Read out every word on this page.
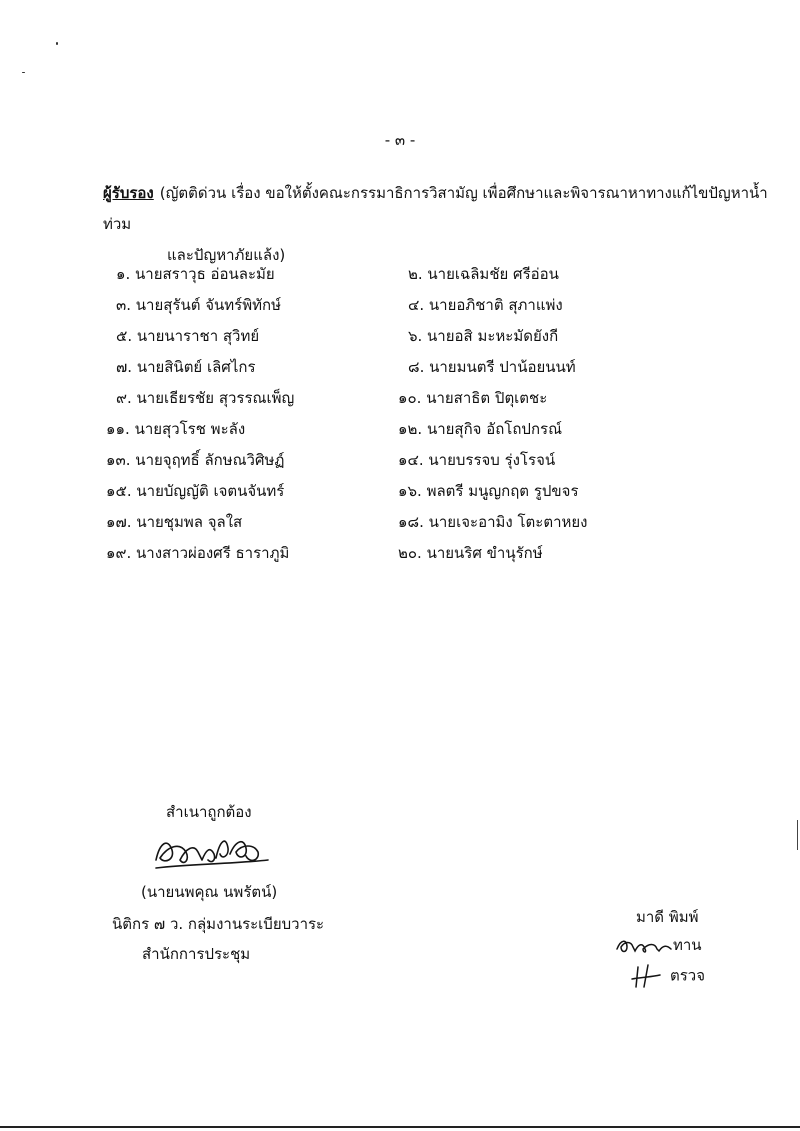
- ๓ -
ผู้รับรอง (ญัตติด่วน เรื่อง ขอให้ตั้งคณะกรรมาธิการวิสามัญ เพื่อศึกษาและพิจารณาหาทางแก้ไขปัญหาน้ำท่วม
และปัญหาภัยแล้ง)
๑. นายสราวุธ อ่อนละมัย	๒. นายเฉลิมชัย ศรีอ่อน
๓. นายสุรันต์ จันทร์พิทักษ์	๔. นายอภิชาติ สุภาแพ่ง
๕. นายนาราชา สุวิทย์	๖. นายอสิ มะหะมัดยังกี
๗. นายสินิตย์ เลิศไกร	๘. นายมนตรี ปาน้อยนนท์
๙. นายเธียรชัย สุวรรณเพ็ญ	๑๐. นายสาธิต ปิตุเตชะ
๑๑. นายสุวโรช พะลัง	๑๒. นายสุกิจ อัถโถปกรณ์
๑๓. นายจุฤทธิ์ ลักษณวิศิษฏ์	๑๔. นายบรรจบ รุ่งโรจน์
๑๕. นายบัญญัติ เจตนจันทร์	๑๖. พลตรี มนูญกฤต รูปขจร
๑๗. นายชุมพล จุลใส	๑๘. นายเจะอามิง โตะตาหยง
๑๙. นางสาวผ่องศรี ธาราภูมิ	๒๐. นายนริศ ขำนุรักษ์
สำเนาถูกต้อง
(นายนพคุณ นพรัตน์)
นิติกร ๗ ว. กลุ่มงานระเบียบวาระ
สำนักการประชุม
มาดี พิมพ์
ทาน
ตรวจ
